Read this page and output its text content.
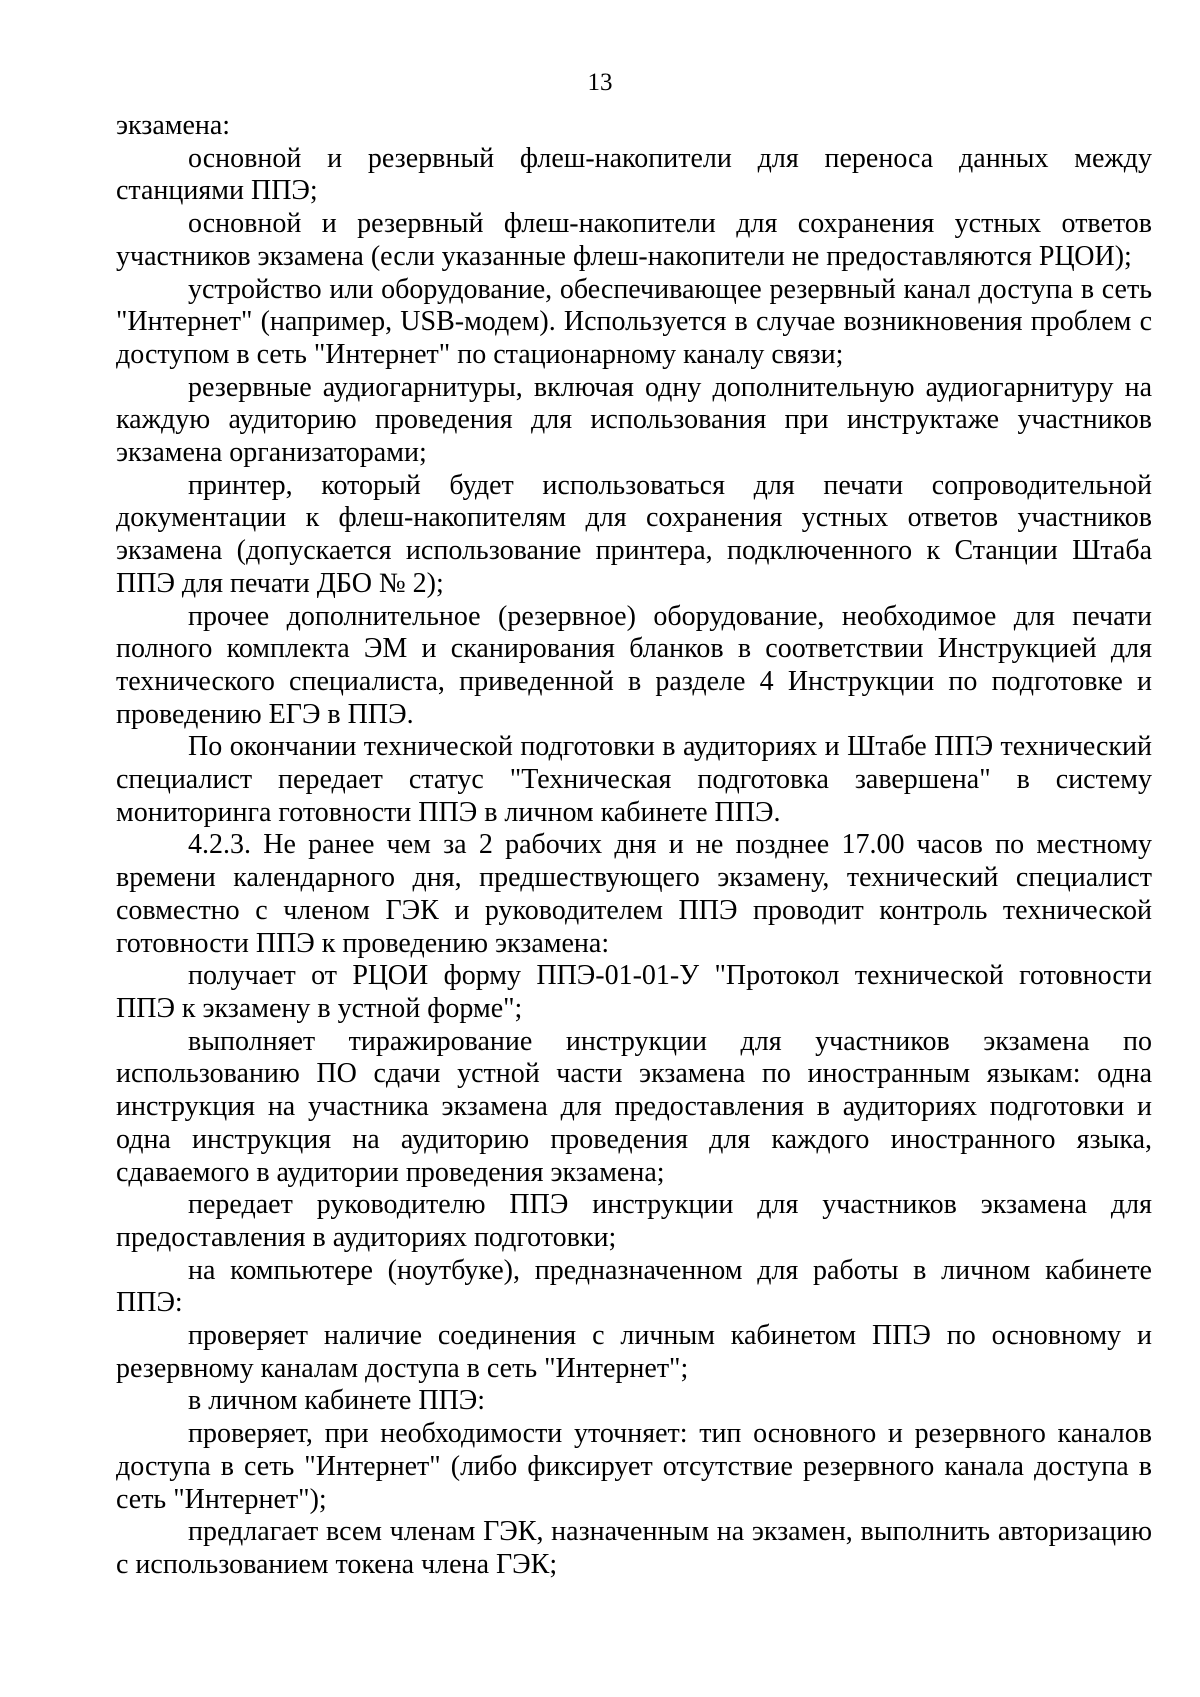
13

экзамена:

основной и резервный флеш-накопители для переноса данных между станциями ППЭ;

основной и резервный флеш-накопители для сохранения устных ответов участников экзамена (если указанные флеш-накопители не предоставляются РЦОИ);

устройство или оборудование, обеспечивающее резервный канал доступа в сеть "Интернет" (например, USB-модем). Используется в случае возникновения проблем с доступом в сеть "Интернет" по стационарному каналу связи;

резервные аудиогарнитуры, включая одну дополнительную аудиогарнитуру на каждую аудиторию проведения для использования при инструктаже участников экзамена организаторами;

принтер, который будет использоваться для печати сопроводительной документации к флеш-накопителям для сохранения устных ответов участников экзамена (допускается использование принтера, подключенного к Станции Штаба ППЭ для печати ДБО № 2);

прочее дополнительное (резервное) оборудование, необходимое для печати полного комплекта ЭМ и сканирования бланков в соответствии Инструкцией для технического специалиста, приведенной в разделе 4 Инструкции по подготовке и проведению ЕГЭ в ППЭ.

По окончании технической подготовки в аудиториях и Штабе ППЭ технический специалист передает статус "Техническая подготовка завершена" в систему мониторинга готовности ППЭ в личном кабинете ППЭ.

4.2.3. Не ранее чем за 2 рабочих дня и не позднее 17.00 часов по местному времени календарного дня, предшествующего экзамену, технический специалист совместно с членом ГЭК и руководителем ППЭ проводит контроль технической готовности ППЭ к проведению экзамена:

получает от РЦОИ форму ППЭ-01-01-У "Протокол технической готовности ППЭ к экзамену в устной форме";

выполняет тиражирование инструкции для участников экзамена по использованию ПО сдачи устной части экзамена по иностранным языкам: одна инструкция на участника экзамена для предоставления в аудиториях подготовки и одна инструкция на аудиторию проведения для каждого иностранного языка, сдаваемого в аудитории проведения экзамена;

передает руководителю ППЭ инструкции для участников экзамена для предоставления в аудиториях подготовки;

на компьютере (ноутбуке), предназначенном для работы в личном кабинете ППЭ:

проверяет наличие соединения с личным кабинетом ППЭ по основному и резервному каналам доступа в сеть "Интернет";

в личном кабинете ППЭ:

проверяет, при необходимости уточняет: тип основного и резервного каналов доступа в сеть "Интернет" (либо фиксирует отсутствие резервного канала доступа в сеть "Интернет");

предлагает всем членам ГЭК, назначенным на экзамен, выполнить авторизацию с использованием токена члена ГЭК;
